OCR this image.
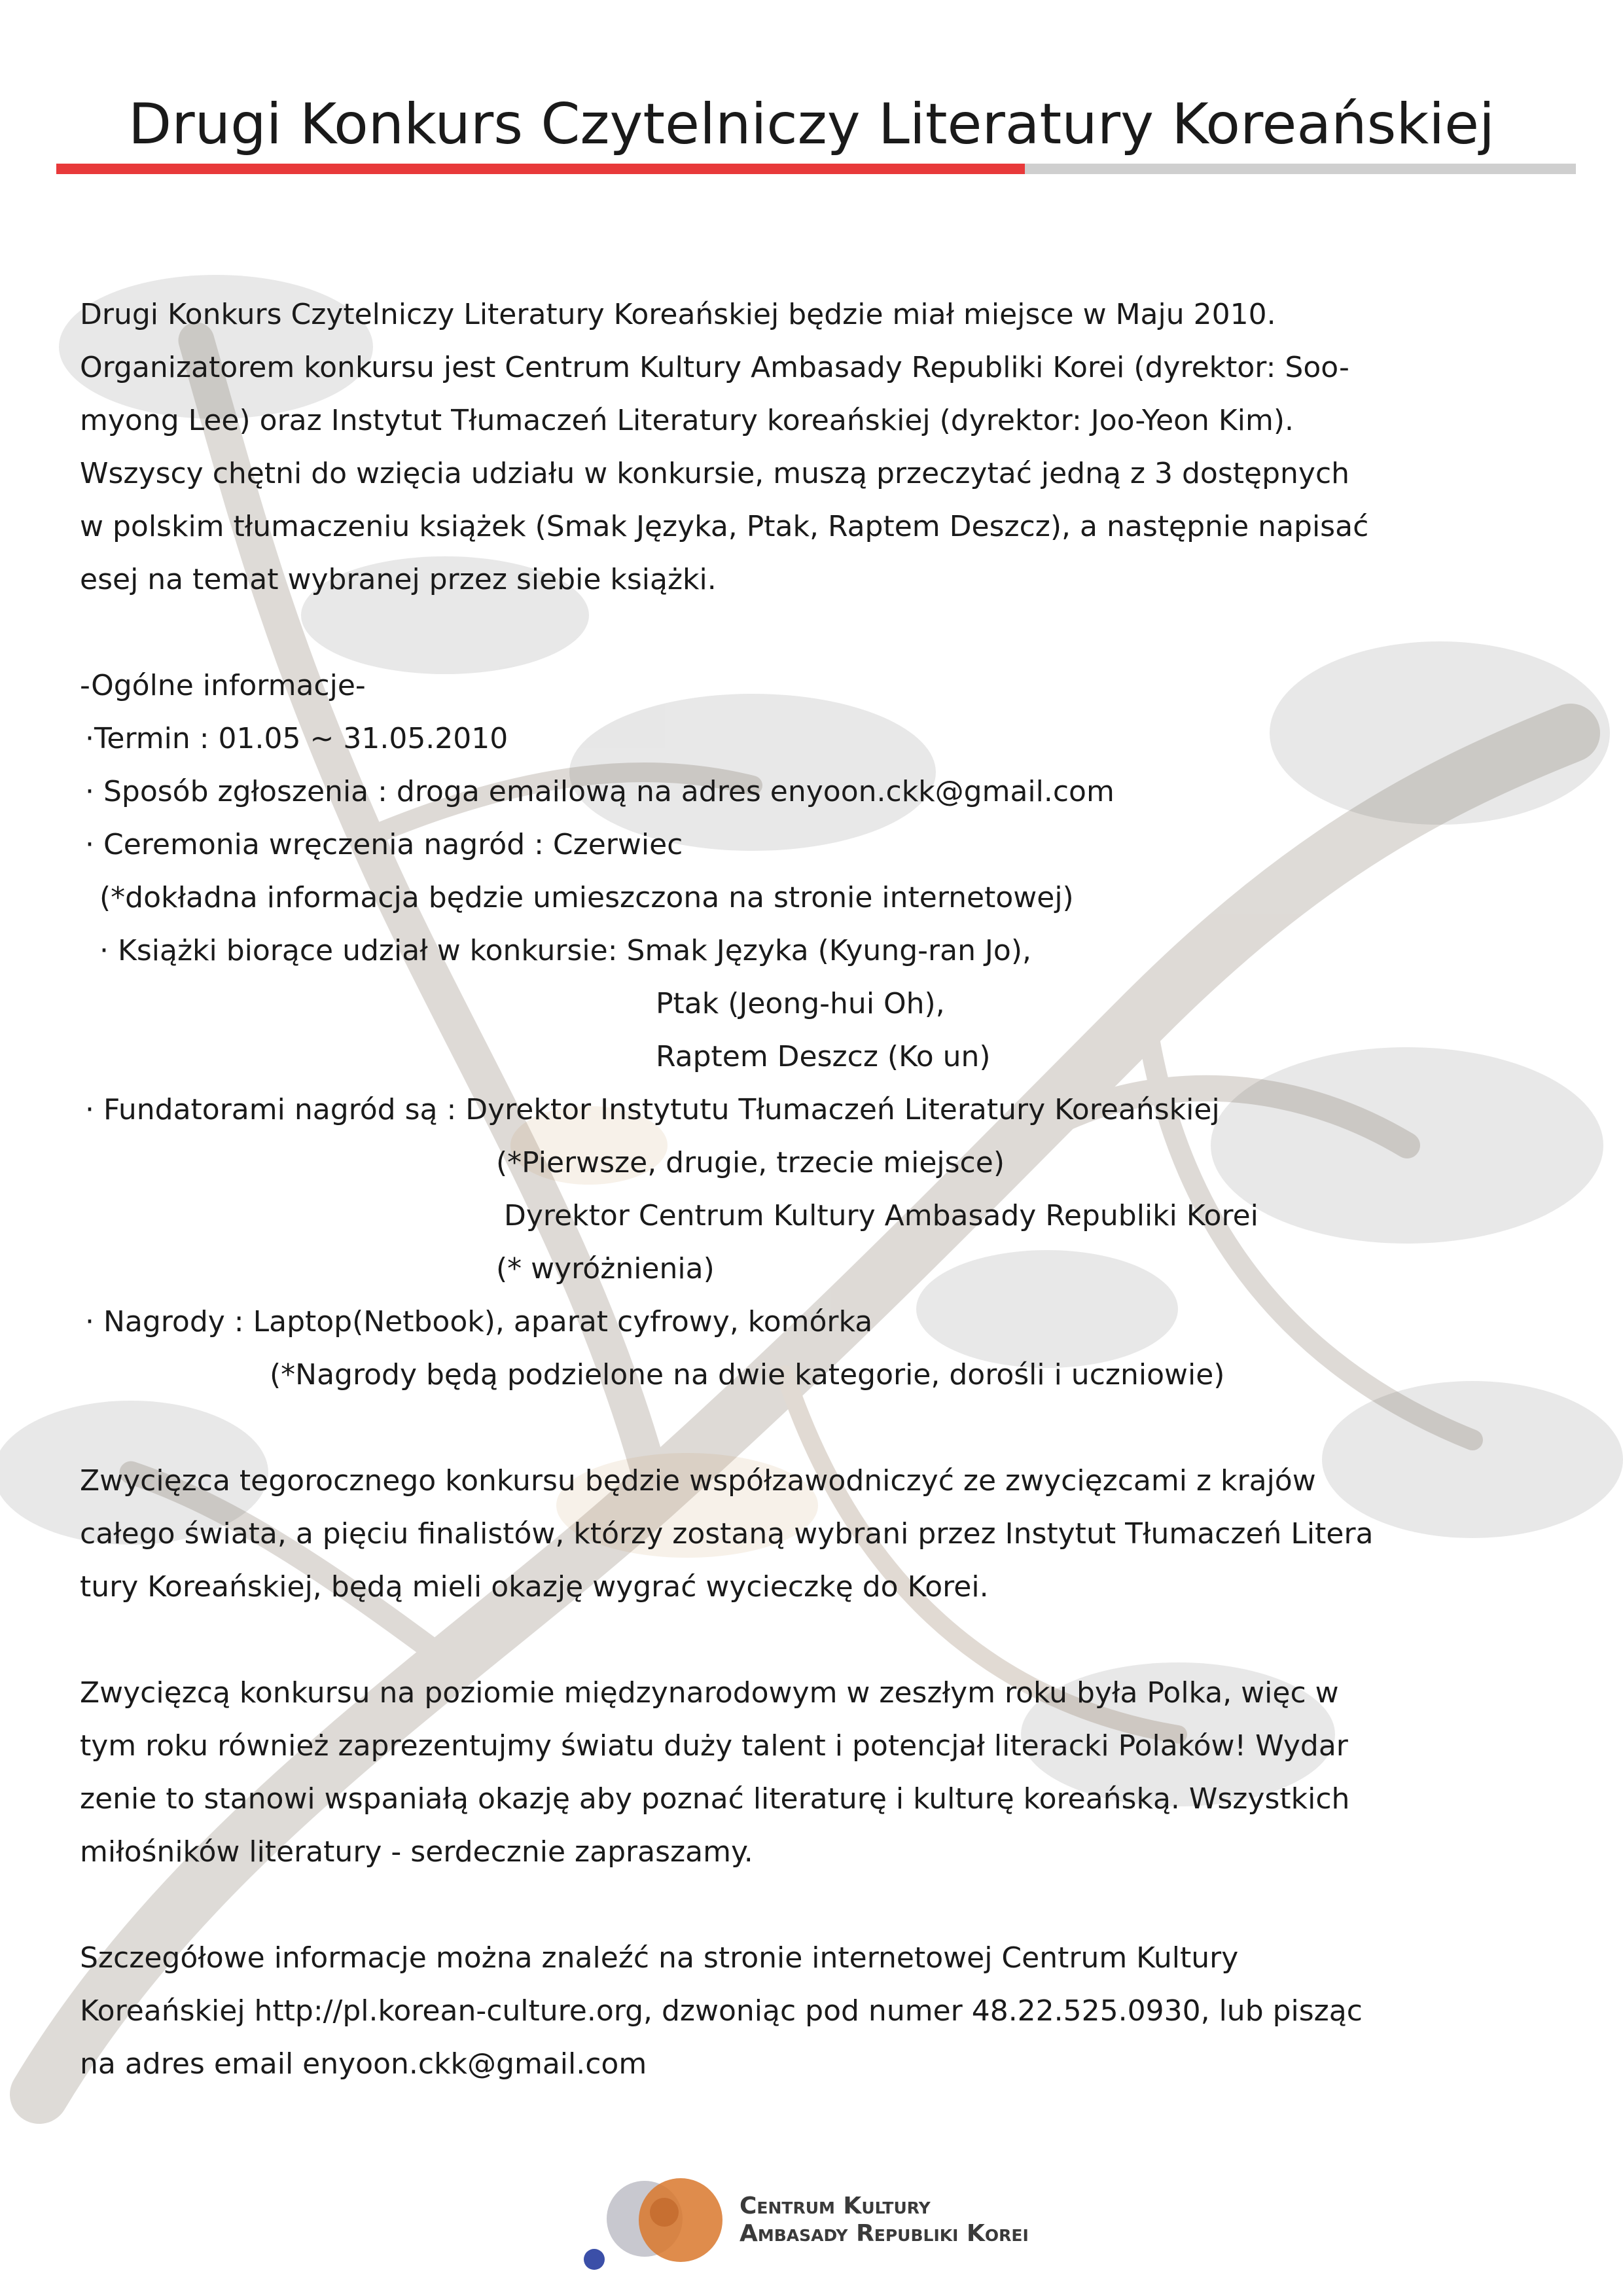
Drugi Konkurs Czytelniczy Literatury Koreańskiej

Drugi Konkurs Czytelniczy Literatury Koreańskiej będzie miał miejsce w Maju 2010.
Organizatorem konkursu jest Centrum Kultury Ambasady Republiki Korei (dyrektor: Soo-
myong Lee) oraz Instytut Tłumaczeń Literatury koreańskiej (dyrektor: Joo-Yeon Kim).
Wszyscy chętni do wzięcia udziału w konkursie, muszą przeczytać jedną z 3 dostępnych
w polskim tłumaczeniu książek (Smak Języka, Ptak, Raptem Deszcz), a następnie napisać
esej na temat wybranej przez siebie książki.

-Ogólne informacje-
·Termin : 01.05 ~ 31.05.2010
· Sposób zgłoszenia : droga emailową na adres enyoon.ckk@gmail.com
· Ceremonia wręczenia nagród : Czerwiec
(*dokładna informacja będzie umieszczona na stronie internetowej)
· Książki biorące udział w konkursie: Smak Języka (Kyung-ran Jo),
Ptak (Jeong-hui Oh),
Raptem Deszcz (Ko un)
· Fundatorami nagród są : Dyrektor Instytutu Tłumaczeń Literatury Koreańskiej
(*Pierwsze, drugie, trzecie miejsce)
Dyrektor Centrum Kultury Ambasady Republiki Korei
(* wyróżnienia)
· Nagrody : Laptop(Netbook), aparat cyfrowy, komórka
(*Nagrody będą podzielone na dwie kategorie, dorośli i uczniowie)

Zwycięzca tegorocznego konkursu będzie współzawodniczyć ze zwycięzcami z krajów
całego świata, a pięciu finalistów, którzy zostaną wybrani przez Instytut Tłumaczeń Litera
tury Koreańskiej, będą mieli okazję wygrać wycieczkę do Korei.

Zwycięzcą konkursu na poziomie międzynarodowym w zeszłym roku była Polka, więc w
tym roku również zaprezentujmy światu duży talent i potencjał literacki Polaków! Wydar
zenie to stanowi wspaniałą okazję aby poznać literaturę i kulturę koreańską. Wszystkich
miłośników literatury - serdecznie zapraszamy.

Szczegółowe informacje można znaleźć na stronie internetowej Centrum Kultury
Koreańskiej http://pl.korean-culture.org, dzwoniąc pod numer 48.22.525.0930, lub pisząc
na adres email enyoon.ckk@gmail.com

Centrum Kultury
Ambasady Republiki Korei
